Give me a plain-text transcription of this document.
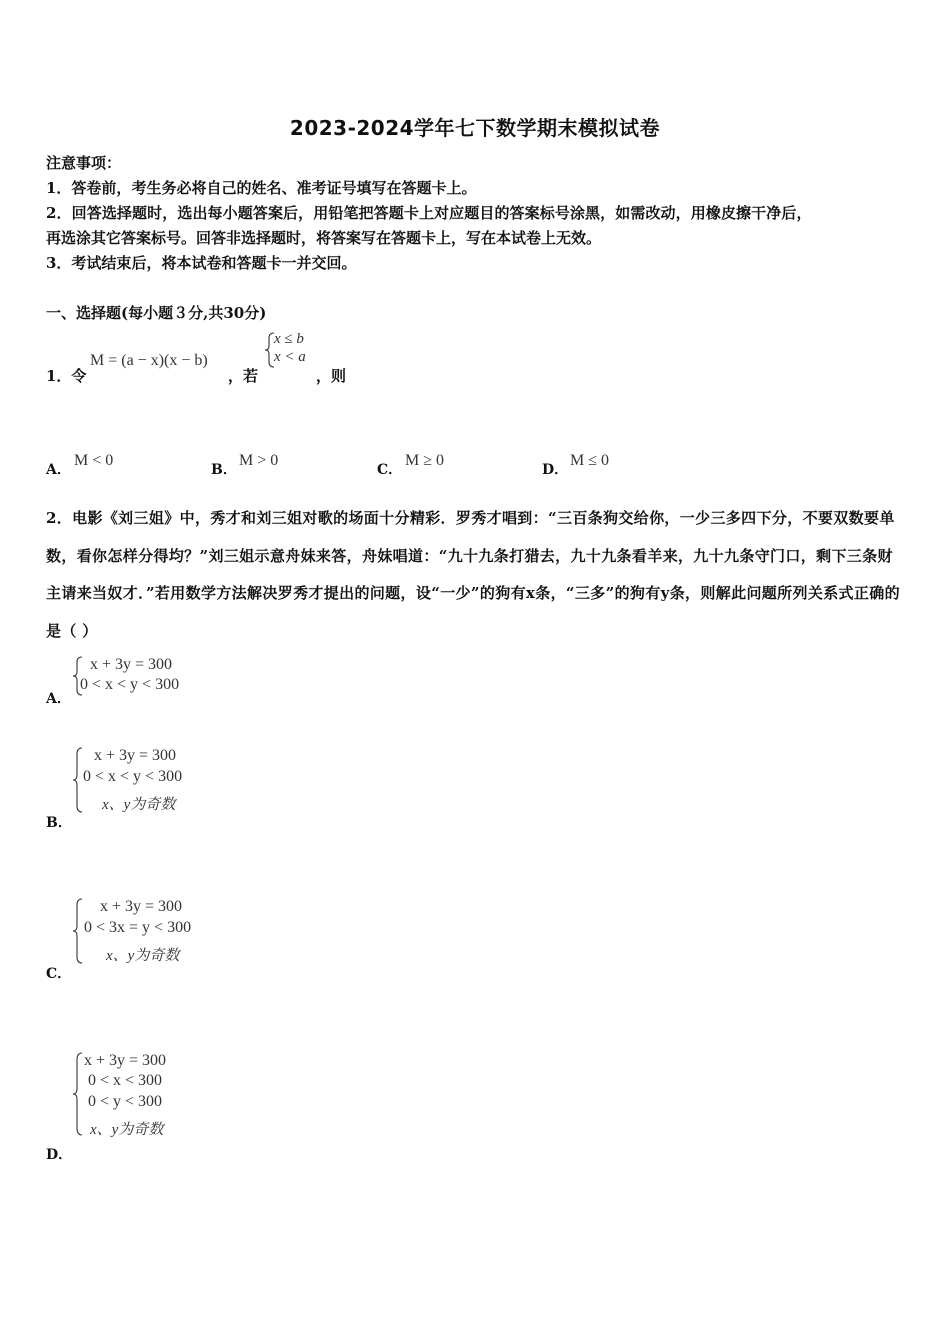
2023-2024学年七下数学期末模拟试卷
注意事项：
1．答卷前，考生务必将自己的姓名、准考证号填写在答题卡上。
2．回答选择题时，选出每小题答案后，用铅笔把答题卡上对应题目的答案标号涂黑，如需改动，用橡皮擦干净后，
再选涂其它答案标号。回答非选择题时，将答案写在答题卡上，写在本试卷上无效。
3．考试结束后，将本试卷和答题卡一并交回。
一、选择题(每小题３分,共30分)
1．令
M = (a − x)(x − b)
，若
x ≤ b
x < a
，则
A．
M < 0
B．
M > 0
C．
M ≥ 0
D．
M ≤ 0
2．电影《刘三姐》中，秀才和刘三姐对歌的场面十分精彩．罗秀才唱到：“三百条狗交给你，一少三多四下分，不要双数要单数，看你怎样分得均？”刘三姐示意舟妹来答，舟妹唱道：“九十九条打猎去，九十九条看羊来，九十九条守门口，剩下三条财主请来当奴才．”若用数学方法解决罗秀才提出的问题，设“一少”的狗有x条，“三多”的狗有y条，则解此问题所列关系式正确的是（ ）
A．
x + 3y = 300
0 < x < y < 300
B．
x + 3y = 300
0 < x < y < 300
x、y为奇数
C．
x + 3y = 300
0 < 3x = y < 300
x、y为奇数
D．
x + 3y = 300
0 < x < 300
0 < y < 300
x、y为奇数
